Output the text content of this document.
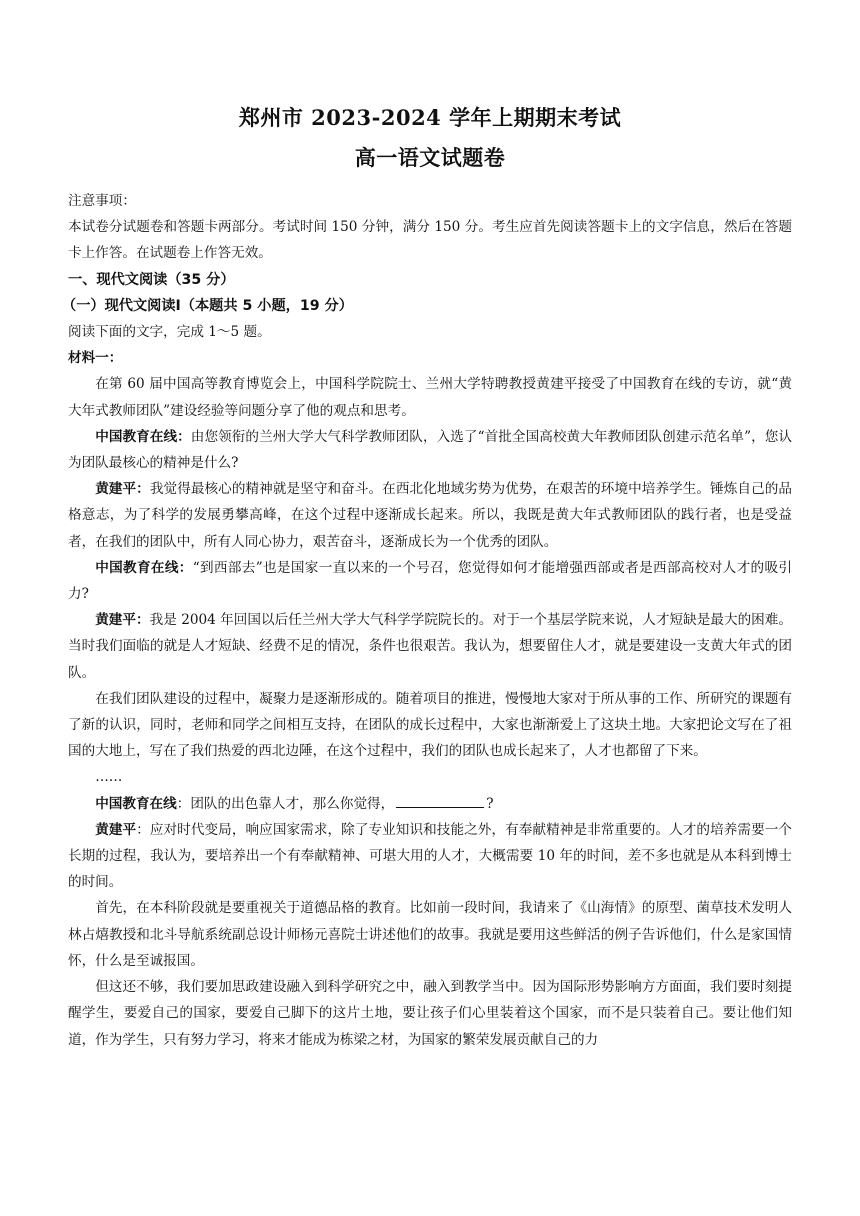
郑州市 2023-2024 学年上期期末考试
高一语文试题卷

注意事项：

本试卷分试题卷和答题卡两部分。考试时间 150 分钟，满分 150 分。考生应首先阅读答题卡上的文字信息，然后在答题卡上作答。在试题卷上作答无效。

一、现代文阅读（35 分）

（一）现代文阅读Ⅰ（本题共 5 小题，19 分）

阅读下面的文字，完成 1～5 题。

材料一：

在第 60 届中国高等教育博览会上，中国科学院院士、兰州大学特聘教授黄建平接受了中国教育在线的专访，就“黄大年式教师团队”建设经验等问题分享了他的观点和思考。

中国教育在线：由您领衔的兰州大学大气科学教师团队，入选了“首批全国高校黄大年教师团队创建示范名单”，您认为团队最核心的精神是什么?

黄建平：我觉得最核心的精神就是坚守和奋斗。在西北化地域劣势为优势，在艰苦的环境中培养学生。锤炼自己的品格意志，为了科学的发展勇攀高峰，在这个过程中逐渐成长起来。所以，我既是黄大年式教师团队的践行者，也是受益者，在我们的团队中，所有人同心协力，艰苦奋斗，逐渐成长为一个优秀的团队。

中国教育在线：“到西部去”也是国家一直以来的一个号召，您觉得如何才能增强西部或者是西部高校对人才的吸引力?

黄建平：我是 2004 年回国以后任兰州大学大气科学学院院长的。对于一个基层学院来说，人才短缺是最大的困难。当时我们面临的就是人才短缺、经费不足的情况，条件也很艰苦。我认为，想要留住人才，就是要建设一支黄大年式的团队。

在我们团队建设的过程中，凝聚力是逐渐形成的。随着项目的推进，慢慢地大家对于所从事的工作、所研究的课题有了新的认识，同时，老师和同学之间相互支持，在团队的成长过程中，大家也渐渐爱上了这块土地。大家把论文写在了祖国的大地上，写在了我们热爱的西北边陲，在这个过程中，我们的团队也成长起来了，人才也都留了下来。

……

中国教育在线：团队的出色靠人才，那么你觉得，	?

黄建平：应对时代变局，响应国家需求，除了专业知识和技能之外，有奉献精神是非常重要的。人才的培养需要一个长期的过程，我认为，要培养出一个有奉献精神、可堪大用的人才，大概需要 10 年的时间，差不多也就是从本科到博士的时间。

首先，在本科阶段就是要重视关于道德品格的教育。比如前一段时间，我请来了《山海情》的原型、菌草技术发明人林占熺教授和北斗导航系统副总设计师杨元喜院士讲述他们的故事。我就是要用这些鲜活的例子告诉他们，什么是家国情怀，什么是至诚报国。

但这还不够，我们要加思政建设融入到科学研究之中，融入到教学当中。因为国际形势影响方方面面，我们要时刻提醒学生，要爱自己的国家，要爱自己脚下的这片土地，要让孩子们心里装着这个国家，而不是只装着自己。要让他们知道，作为学生，只有努力学习，将来才能成为栋梁之材，为国家的繁荣发展贡献自己的力
